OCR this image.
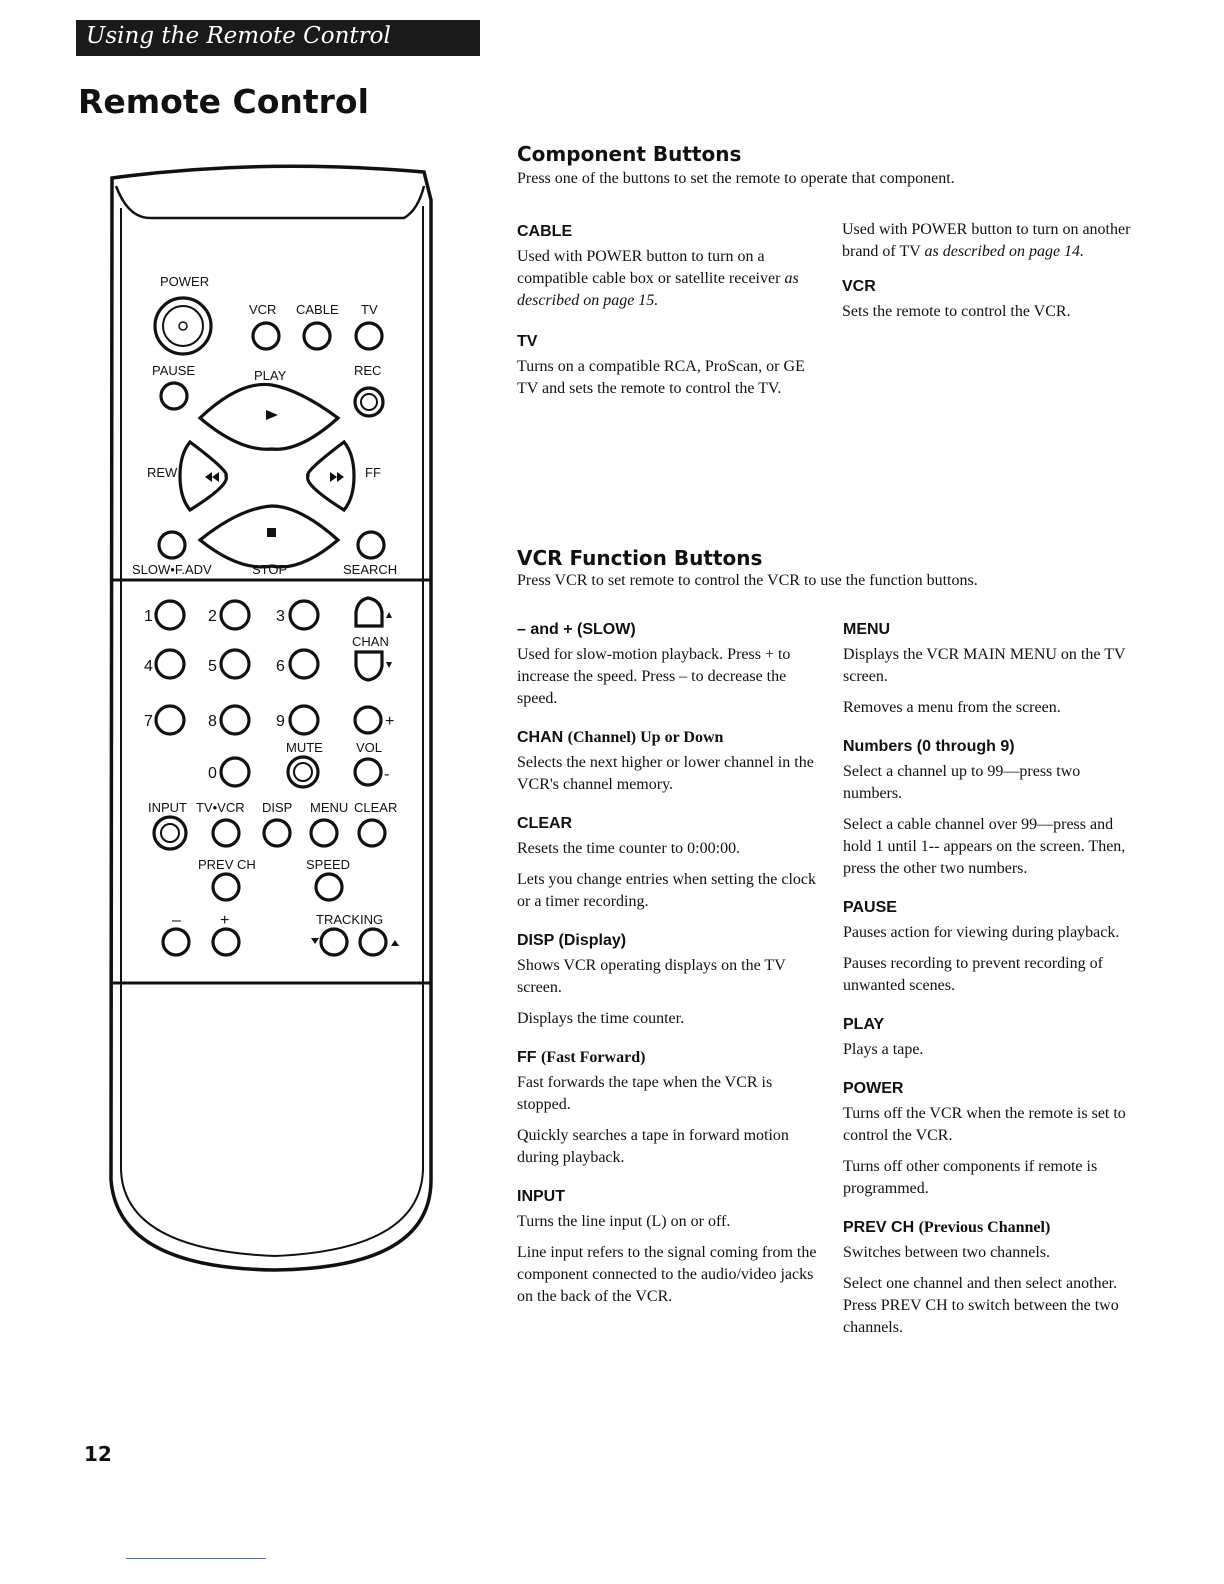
Using the Remote Control
Remote Control
POWER
VCR CABLE TV
PAUSE	PLAY	REC
REW	FF
SLOW•F.ADV	STOP	SEARCH
1	2	3
CHAN
4	5	6
7	8	9	+
MUTE	VOL
0	-
INPUT TV•VCR DISP MENU CLEAR
PREV CH	SPEED
– +	TRACKING
Component Buttons

Press one of the buttons to set the remote to operate that component.

CABLE

Used with POWER button to turn on a compatible cable box or satellite receiver as described on page 15.

TV

Turns on a compatible RCA, ProScan, or GE TV and sets the remote to control the TV.

Used with POWER button to turn on another brand of TV as described on page 14.

VCR

Sets the remote to control the VCR.

VCR Function Buttons

Press VCR to set remote to control the VCR to use the function buttons.

– and + (SLOW)

Used for slow-motion playback. Press + to increase the speed. Press – to decrease the speed.

CHAN (Channel) Up or Down

Selects the next higher or lower channel in the VCR's channel memory.

CLEAR

Resets the time counter to 0:00:00.

Lets you change entries when setting the clock or a timer recording.

DISP (Display)

Shows VCR operating displays on the TV screen.

Displays the time counter.

FF (Fast Forward)

Fast forwards the tape when the VCR is stopped.

Quickly searches a tape in forward motion during playback.

INPUT

Turns the line input (L) on or off.

Line input refers to the signal coming from the component connected to the audio/video jacks on the back of the VCR.

MENU

Displays the VCR MAIN MENU on the TV screen.

Removes a menu from the screen.

Numbers (0 through 9)

Select a channel up to 99—press two numbers.

Select a cable channel over 99—press and hold 1 until 1-- appears on the screen. Then, press the other two numbers.

PAUSE

Pauses action for viewing during playback.

Pauses recording to prevent recording of unwanted scenes.

PLAY

Plays a tape.

POWER

Turns off the VCR when the remote is set to control the VCR.

Turns off other components if remote is programmed.

PREV CH (Previous Channel)

Switches between two channels.

Select one channel and then select another. Press PREV CH to switch between the two channels.

12
